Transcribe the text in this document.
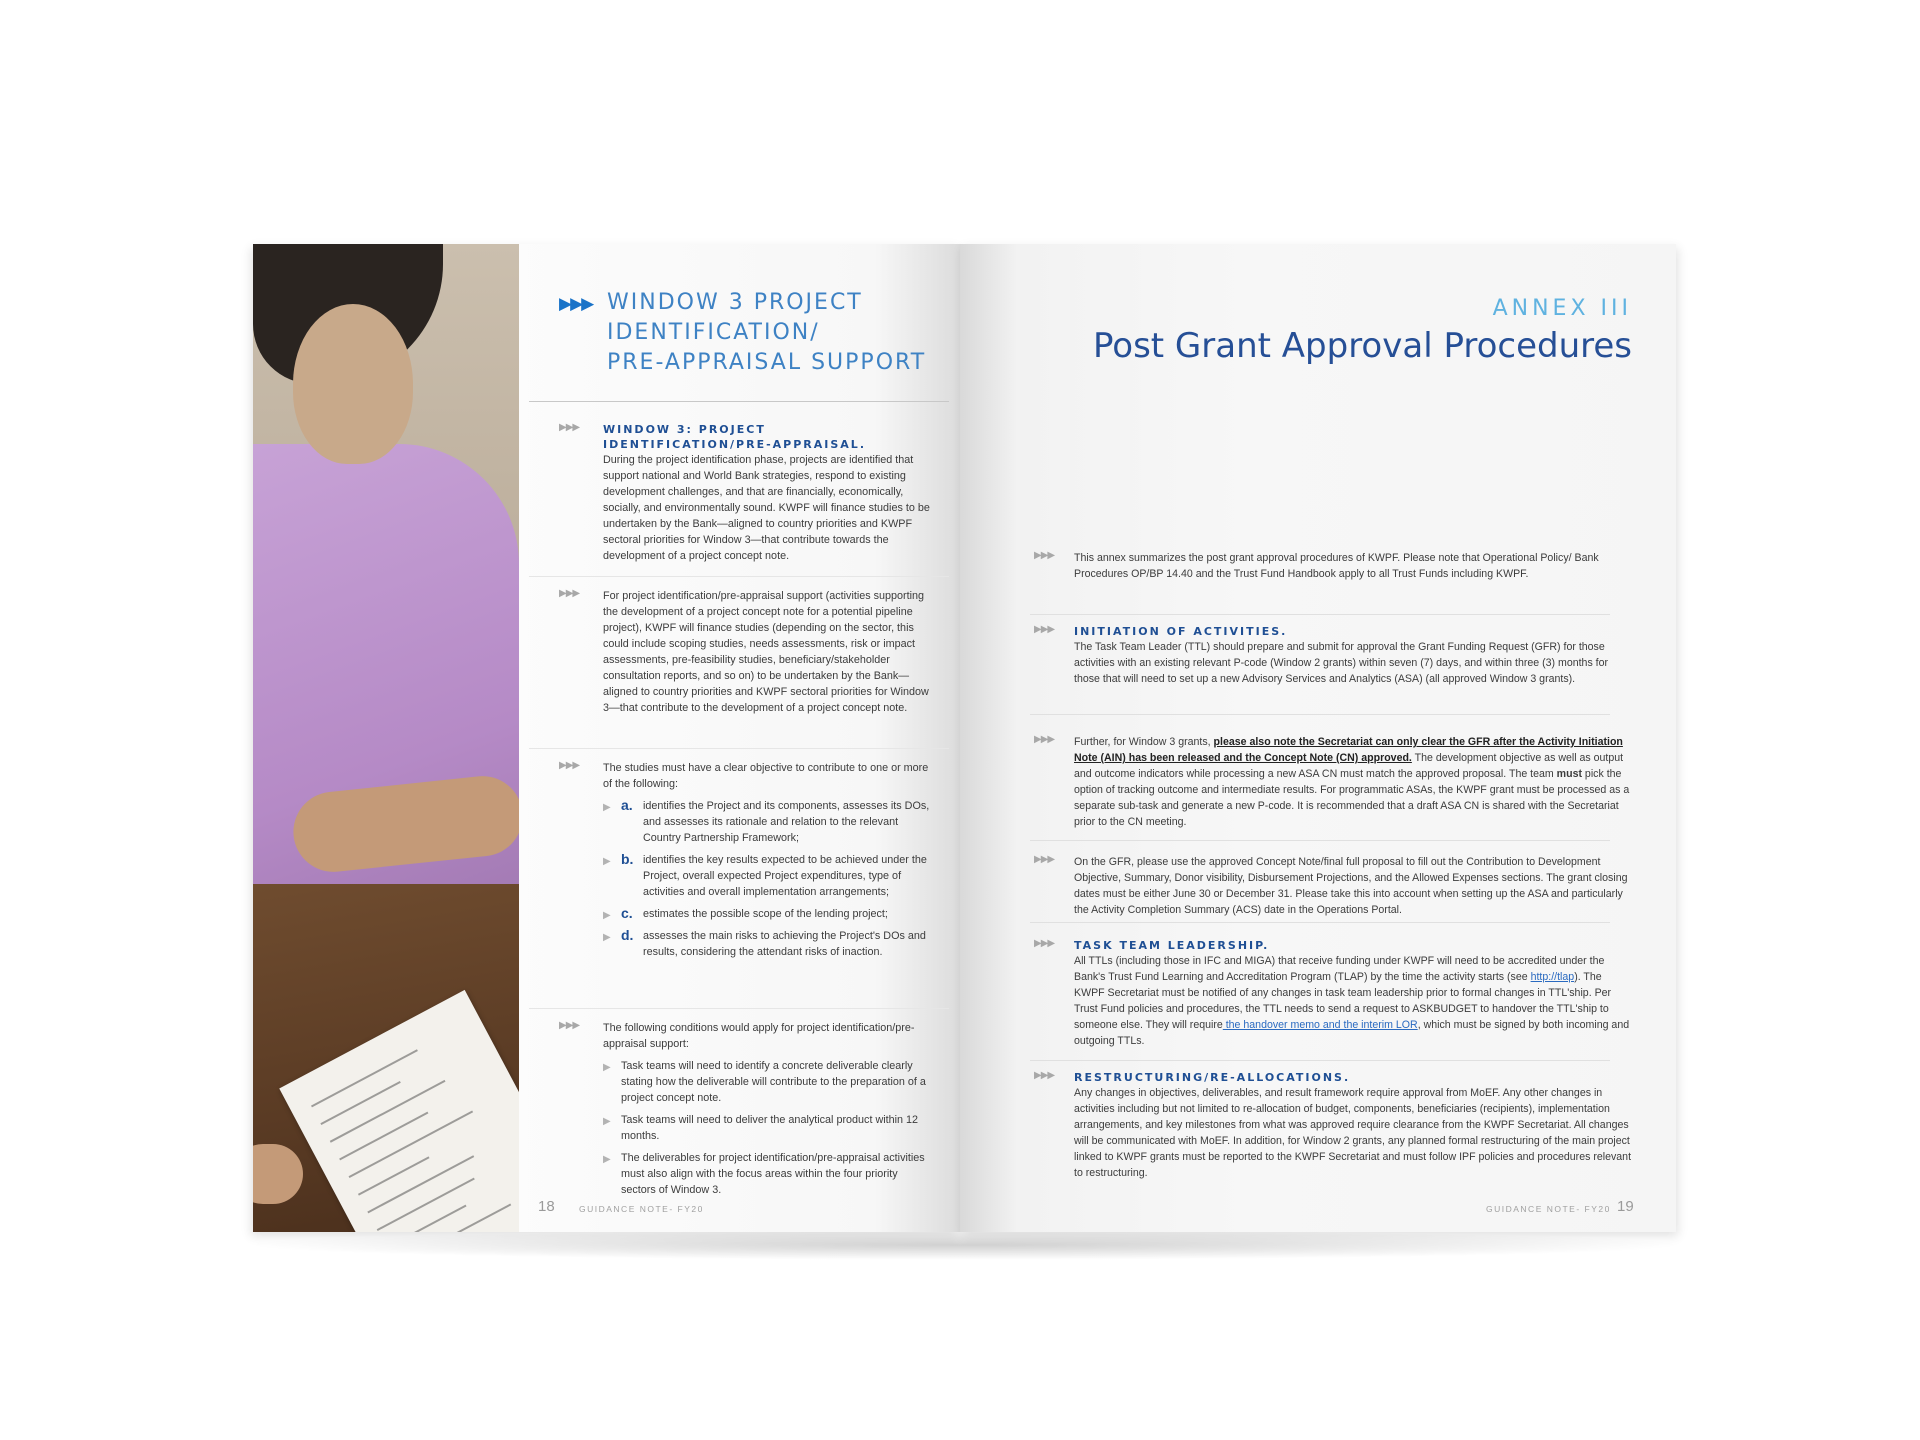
▶▶▶ WINDOW 3 PROJECT
IDENTIFICATION/
PRE-APPRAISAL SUPPORT
▶▶▶ WINDOW 3: PROJECT IDENTIFICATION/PRE-APPRAISAL.
During the project identification phase, projects are identified that support national and World Bank strategies, respond to existing development challenges, and that are financially, economically, socially, and environmentally sound. KWPF will finance studies to be undertaken by the Bank—aligned to country priorities and KWPF sectoral priorities for Window 3—that contribute towards the development of a project concept note.
▶▶▶ For project identification/pre-appraisal support (activities supporting the development of a project concept note for a potential pipeline project), KWPF will finance studies (depending on the sector, this could include scoping studies, needs assessments, risk or impact assessments, pre-feasibility studies, beneficiary/stakeholder consultation reports, and so on) to be undertaken by the Bank—aligned to country priorities and KWPF sectoral priorities for Window 3—that contribute to the development of a project concept note.
▶▶▶ The studies must have a clear objective to contribute to one or more of the following:
▶ a. identifies the Project and its components, assesses its DOs, and assesses its rationale and relation to the relevant Country Partnership Framework;
▶ b. identifies the key results expected to be achieved under the Project, overall expected Project expenditures, type of activities and overall implementation arrangements;
▶ c. estimates the possible scope of the lending project;
▶ d. assesses the main risks to achieving the Project's DOs and results, considering the attendant risks of inaction.
▶▶▶ The following conditions would apply for project identification/pre-appraisal support:
▶ Task teams will need to identify a concrete deliverable clearly stating how the deliverable will contribute to the preparation of a project concept note.
▶ Task teams will need to deliver the analytical product within 12 months.
▶ The deliverables for project identification/pre-appraisal activities must also align with the focus areas within the four priority sectors of Window 3.
18	GUIDANCE NOTE- FY20
ANNEX III
Post Grant Approval Procedures
▶▶▶ This annex summarizes the post grant approval procedures of KWPF. Please note that Operational Policy/ Bank Procedures OP/BP 14.40 and the Trust Fund Handbook apply to all Trust Funds including KWPF.
▶▶▶ INITIATION OF ACTIVITIES.
The Task Team Leader (TTL) should prepare and submit for approval the Grant Funding Request (GFR) for those activities with an existing relevant P-code (Window 2 grants) within seven (7) days, and within three (3) months for those that will need to set up a new Advisory Services and Analytics (ASA) (all approved Window 3 grants).
▶▶▶ Further, for Window 3 grants, please also note the Secretariat can only clear the GFR after the Activity Initiation Note (AIN) has been released and the Concept Note (CN) approved. The development objective as well as output and outcome indicators while processing a new ASA CN must match the approved proposal. The team must pick the option of tracking outcome and intermediate results. For programmatic ASAs, the KWPF grant must be processed as a separate sub-task and generate a new P-code. It is recommended that a draft ASA CN is shared with the Secretariat prior to the CN meeting.
▶▶▶ On the GFR, please use the approved Concept Note/final full proposal to fill out the Contribution to Development Objective, Summary, Donor visibility, Disbursement Projections, and the Allowed Expenses sections. The grant closing dates must be either June 30 or December 31. Please take this into account when setting up the ASA and particularly the Activity Completion Summary (ACS) date in the Operations Portal.
▶▶▶ TASK TEAM LEADERSHIP.
All TTLs (including those in IFC and MIGA) that receive funding under KWPF will need to be accredited under the Bank's Trust Fund Learning and Accreditation Program (TLAP) by the time the activity starts (see http://tlap). The KWPF Secretariat must be notified of any changes in task team leadership prior to formal changes in TTL'ship. Per Trust Fund policies and procedures, the TTL needs to send a request to ASKBUDGET to handover the TTL'ship to someone else. They will require the handover memo and the interim LOR, which must be signed by both incoming and outgoing TTLs.
▶▶▶ RESTRUCTURING/RE-ALLOCATIONS.
Any changes in objectives, deliverables, and result framework require approval from MoEF. Any other changes in activities including but not limited to re-allocation of budget, components, beneficiaries (recipients), implementation arrangements, and key milestones from what was approved require clearance from the KWPF Secretariat. All changes will be communicated with MoEF. In addition, for Window 2 grants, any planned formal restructuring of the main project linked to KWPF grants must be reported to the KWPF Secretariat and must follow IPF policies and procedures relevant to restructuring.
GUIDANCE NOTE- FY20 19
